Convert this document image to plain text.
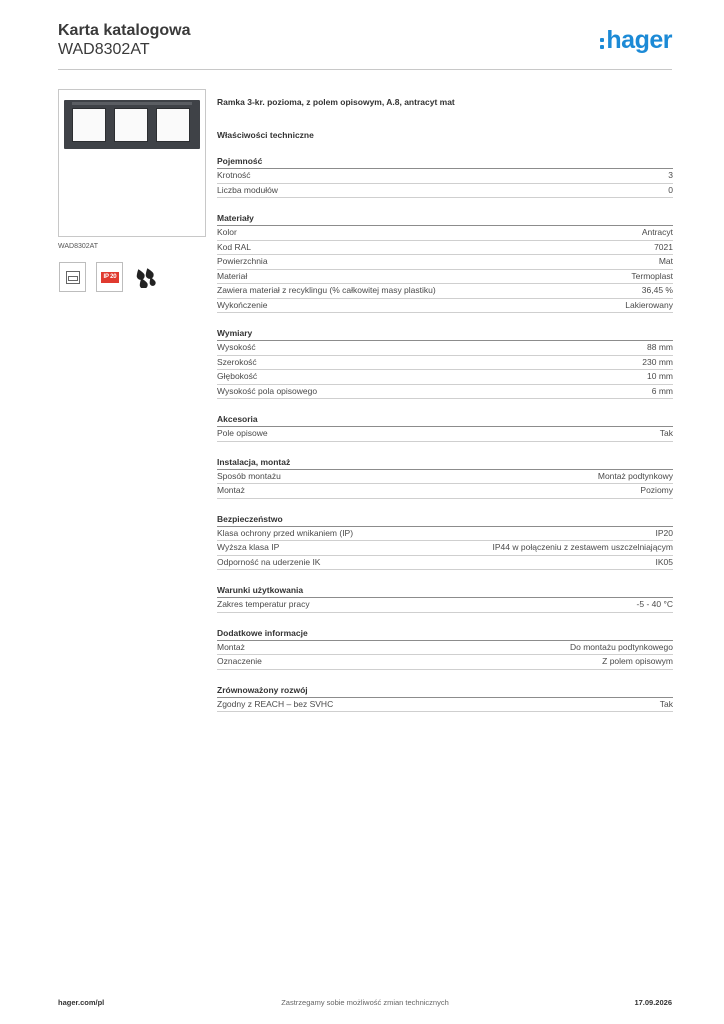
Karta katalogowa
WAD8302AT	hager
WAD8302AT
IP 20
Ramka 3-kr. pozioma, z polem opisowym, A.8, antracyt mat
Właściwości techniczne
Pojemność
Krotność	3
Liczba modułów	0
Materiały
Kolor	Antracyt
Kod RAL	7021
Powierzchnia	Mat
Materiał	Termoplast
Zawiera materiał z recyklingu (% całkowitej masy plastiku)	36,45 %
Wykończenie	Lakierowany
Wymiary
Wysokość	88 mm
Szerokość	230 mm
Głębokość	10 mm
Wysokość pola opisowego	6 mm
Akcesoria
Pole opisowe	Tak
Instalacja, montaż
Sposób montażu	Montaż podtynkowy
Montaż	Poziomy
Bezpieczeństwo
Klasa ochrony przed wnikaniem (IP)	IP20
Wyższa klasa IP	IP44 w połączeniu z zestawem uszczelniającym
Odporność na uderzenie IK	IK05
Warunki użytkowania
Zakres temperatur pracy	-5 - 40 °C
Dodatkowe informacje
Montaż	Do montażu podtynkowego
Oznaczenie	Z polem opisowym
Zrównoważony rozwój
Zgodny z REACH – bez SVHC	Tak
Zastrzegamy sobie możliwość zmian technicznych
hager.com/pl	17.09.2026
